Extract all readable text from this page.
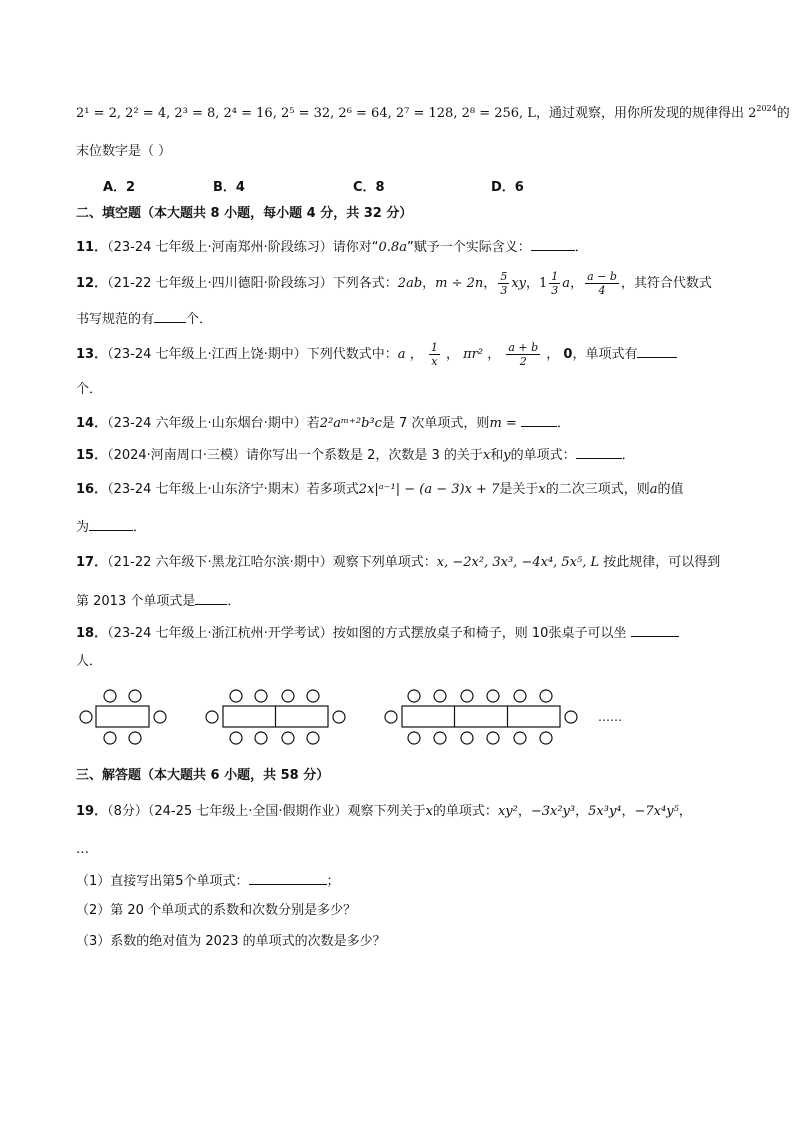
2¹ = 2, 2² = 4, 2³ = 8, 2⁴ = 16, 2⁵ = 32, 2⁶ = 64, 2⁷ = 128, 2⁸ = 256, L，通过观察，用你所发现的规律得出 $2^{2024}$的
末位数字是（ ）
A．2	B．4	C．8	D．6
二、填空题（本大题共 8 小题，每小题 4 分，共 32 分）
11．（23-24 七年级上·河南郑州·阶段练习）请你对“0.8a”赋予一个实际含义：	．
12．（21-22 七年级上·四川德阳·阶段练习）下列各式：2ab，m ÷ 2n， $\frac{5}{3}$ xy，$1 \frac{1}{3}$ a， $\frac{a - b}{4}$ ，其符合代数式
书写规范的有 个．
13．（23-24 七年级上·江西上饶·期中）下列代数式中：a ， $\frac{1}{x}$ ， πr² ， $\frac{a + b}{2}$ ， 0，单项式有
个．
14．（23-24 六年级上·山东烟台·期中）若2²aᵐ⁺²b³c是 7 次单项式，则m =	．
15．（2024·河南周口·三模）请你写出一个系数是 2，次数是 3 的关于x和y的单项式：	．
16．（23-24 七年级上·山东济宁·期末）若多项式2x|ᵃ⁻¹| − (a − 3)x + 7是关于x的二次三项式，则a的值
为	．
17．（21-22 六年级下·黑龙江哈尔滨·期中）观察下列单项式：x, −2x², 3x³, −4x⁴, 5x⁵, L 按此规律，可以得到
第 2013 个单项式是 ．
18．（23-24 七年级上·浙江杭州·开学考试）按如图的方式摆放桌子和椅子，则 10张桌子可以坐
人．
……
三、解答题（本大题共 6 小题，共 58 分）
19．（8分）（24-25 七年级上·全国·假期作业）观察下列关于x的单项式：xy²，−3x²y³，5x³y⁴，−7x⁴y⁵，
…
（1）直接写出第5个单项式：	；
（2）第 20 个单项式的系数和次数分别是多少？
（3）系数的绝对值为 2023 的单项式的次数是多少？
